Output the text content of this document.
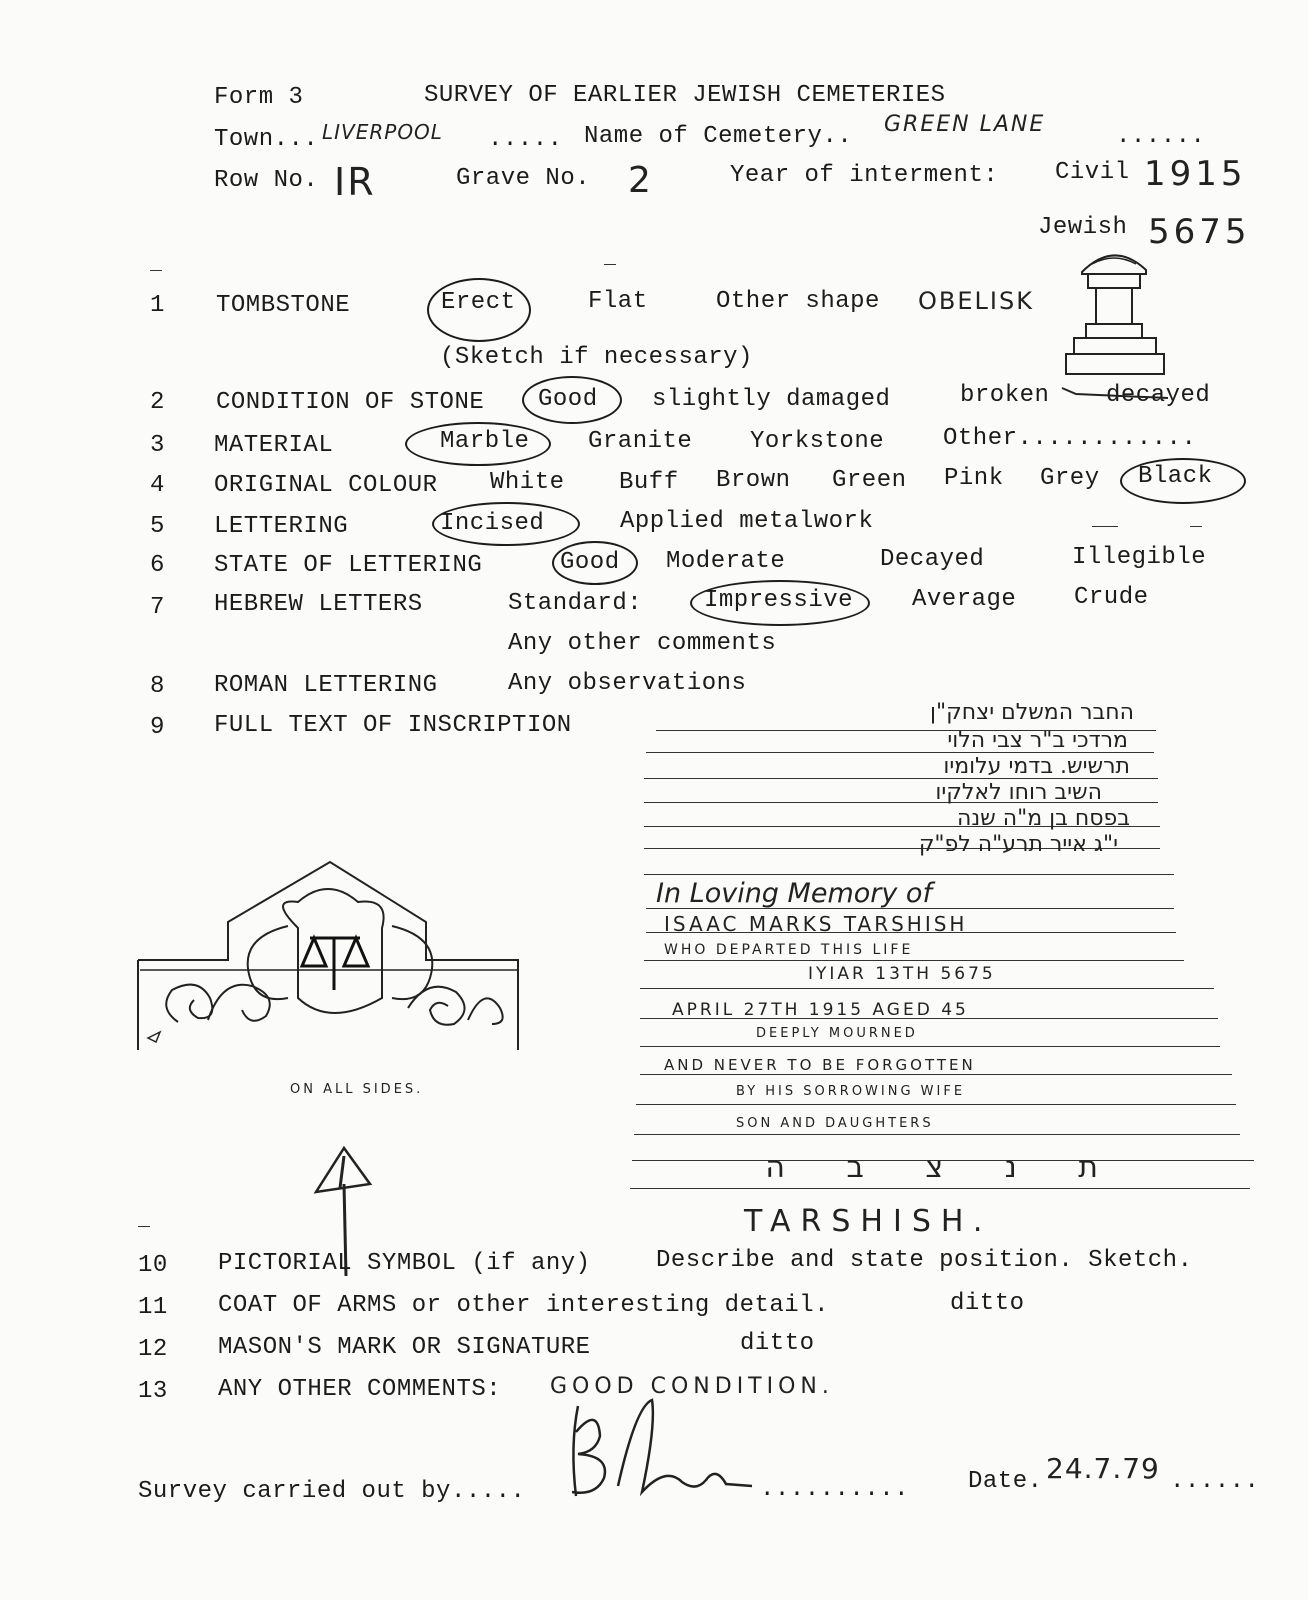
Form 3	SURVEY OF EARLIER JEWISH CEMETERIES
Town... LIVERPOOL ..... Name of Cemetery.. GREEN LANE	......
Row No. IR	Grave No. 2	Year of interment: Civil 1915
Jewish 5675
1 TOMBSTONE	Erect	Flat	Other shape OBELISK
(Sketch if necessary)
2 CONDITION OF STONE Good slightly damaged	broken decayed
3 MATERIAL	Marble Granite Yorkstone Other............
4 ORIGINAL COLOUR White Buff Brown Green Pink Grey Black
5 LETTERING	Incised	Applied metalwork
6 STATE OF LETTERING	Good Moderate	Decayed	Illegible
7 HEBREW LETTERS	Standard:	Impressive Average Crude
Any other comments
8 ROMAN LETTERING	Any observations
9 FULL TEXT OF INSCRIPTION	החבר המשלם יצחק"ן
מרדכי ב"ר צבי הלוי
תרשיש. בדמי עלומיו
השיב רוחו לאלקיו
בפסח בן מ"ה שנה
י"ג אייר תרע"ה לפ"ק
In Loving Memory of
ISAAC MARKS TARSHISH
WHO DEPARTED THIS LIFE
IYIAR 13TH 5675
APRIL 27TH 1915 AGED 45
DEEPLY MOURNED
AND NEVER TO BE FORGOTTEN
BY HIS SORROWING WIFE
SON AND DAUGHTERS
ת נ צ ב ה
TARSHISH.
ON ALL SIDES.
10 PICTORIAL SYMBOL (if any)	Describe and state position. Sketch.
11 COAT OF ARMS or other interesting detail.	ditto
12 MASON'S MARK OR SIGNATURE	ditto
13 ANY OTHER COMMENTS: GOOD CONDITION.
Survey carried out by.....	.......... Date. 24.7.79 ......
